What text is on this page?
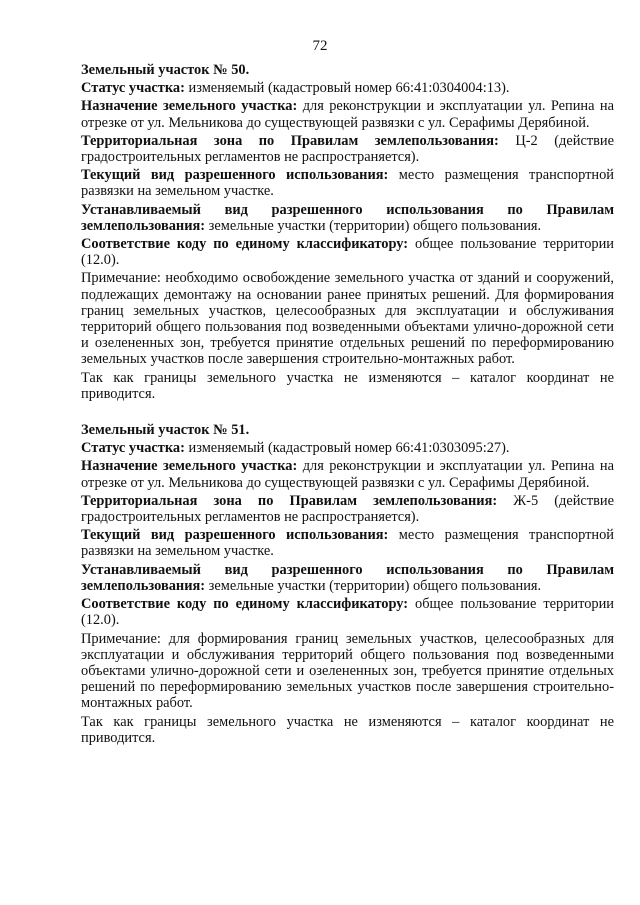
72

Земельный участок № 50.

Статус участка: изменяемый (кадастровый номер 66:41:0304004:13).

Назначение земельного участка: для реконструкции и эксплуатации ул. Репина на отрезке от ул. Мельникова до существующей развязки с ул. Серафимы Дерябиной.

Территориальная зона по Правилам землепользования: Ц-2 (действие градостроительных регламентов не распространяется).

Текущий вид разрешенного использования: место размещения транспортной развязки на земельном участке.

Устанавливаемый вид разрешенного использования по Правилам землепользования: земельные участки (территории) общего пользования.

Соответствие коду по единому классификатору: общее пользование территории (12.0).

Примечание: необходимо освобождение земельного участка от зданий и сооружений, подлежащих демонтажу на основании ранее принятых решений. Для формирования границ земельных участков, целесообразных для эксплуатации и обслуживания территорий общего пользования под возведенными объектами улично-дорожной сети и озелененных зон, требуется принятие отдельных решений по переформированию земельных участков после завершения строительно-монтажных работ.

Так как границы земельного участка не изменяются – каталог координат не приводится.

Земельный участок № 51.

Статус участка: изменяемый (кадастровый номер 66:41:0303095:27).

Назначение земельного участка: для реконструкции и эксплуатации ул. Репина на отрезке от ул. Мельникова до существующей развязки с ул. Серафимы Дерябиной.

Территориальная зона по Правилам землепользования: Ж-5 (действие градостроительных регламентов не распространяется).

Текущий вид разрешенного использования: место размещения транспортной развязки на земельном участке.

Устанавливаемый вид разрешенного использования по Правилам землепользования: земельные участки (территории) общего пользования.

Соответствие коду по единому классификатору: общее пользование территории (12.0).

Примечание: для формирования границ земельных участков, целесообразных для эксплуатации и обслуживания территорий общего пользования под возведенными объектами улично-дорожной сети и озелененных зон, требуется принятие отдельных решений по переформированию земельных участков после завершения строительно-монтажных работ.

Так как границы земельного участка не изменяются – каталог координат не приводится.
